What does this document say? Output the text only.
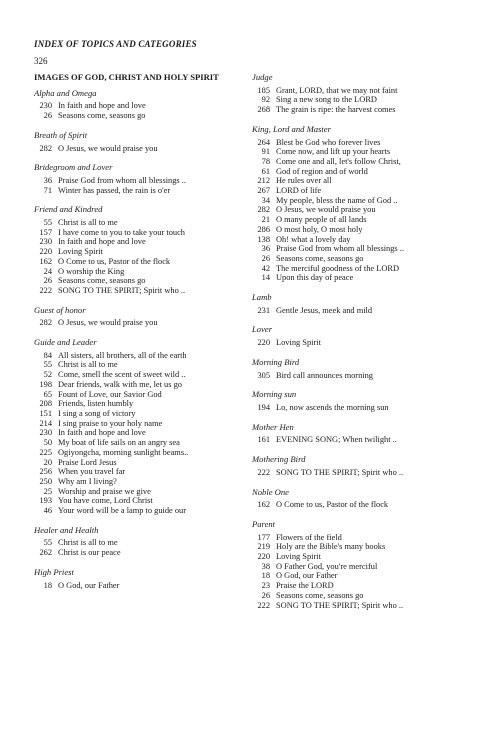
INDEX OF TOPICS AND CATEGORIES
326
IMAGES OF GOD, CHRIST AND HOLY SPIRIT
Alpha and Omega
230 In faith and hope and love
26 Seasons come, seasons go
Breath of Spirit
282 O Jesus, we would praise you
Bridegroom and Lover
36 Praise God from whom all blessings ..
71 Winter has passed, the rain is o'er
Friend and Kindred
55 Christ is all to me
157 I have come to you to take your touch
230 In faith and hope and love
220 Loving Spirit
162 O Come to us, Pastor of the flock
24 O worship the King
26 Seasons come, seasons go
222 SONG TO THE SPIRIT; Spirit who ..
Guest of honor
282 O Jesus, we would praise you
Guide and Leader
84 All sisters, all brothers, all of the earth
55 Christ is all to me
52 Come, smell the scent of sweet wild ..
198 Dear friends, walk with me, let us go
65 Fount of Love, our Savior God
208 Friends, listen humbly
151 I sing a song of victory
214 I sing praise to your holy name
230 In faith and hope and love
50 My boat of life sails on an angry sea
225 Ogiyongcha, morning sunlight beams..
20 Praise Lord Jesus
256 When you travel far
250 Why am I living?
25 Worship and praise we give
193 You have come, Lord Christ
46 Your word will be a lamp to guide our
Healer and Health
55 Christ is all to me
262 Christ is our peace
High Priest
18 O God, our Father
Judge
185 Grant, LORD, that we may not faint
92 Sing a new song to the LORD
268 The grain is ripe: the harvest comes
King, Lord and Master
264 Blest be God who forever lives
91 Come now, and lift up your hearts
78 Come one and all, let's follow Christ,
61 God of region and of world
212 He rules over all
267 LORD of life
34 My people, bless the name of God ..
282 O Jesus, we would praise you
21 O many people of all lands
286 O most holy, O most holy
138 Oh! what a lovely day
36 Praise God from whom all blessings ..
26 Seasons come, seasons go
42 The merciful goodness of the LORD
14 Upon this day of peace
Lamb
231 Gentle Jesus, meek and mild
Lover
220 Loving Spirit
Morning Bird
305 Bird call announces morning
Morning sun
194 Lo, now ascends the morning sun
Mother Hen
161 EVENING SONG; When twilight ..
Mothering Bird
222 SONG TO THE SPIRIT; Spirit who ..
Noble One
162 O Come to us, Pastor of the flock
Parent
177 Flowers of the field
219 Holy are the Bible's many books
220 Loving Spirit
38 O Father God, you're merciful
18 O God, our Father
23 Praise the LORD
26 Seasons come, seasons go
222 SONG TO THE SPIRIT; Spirit who ..
